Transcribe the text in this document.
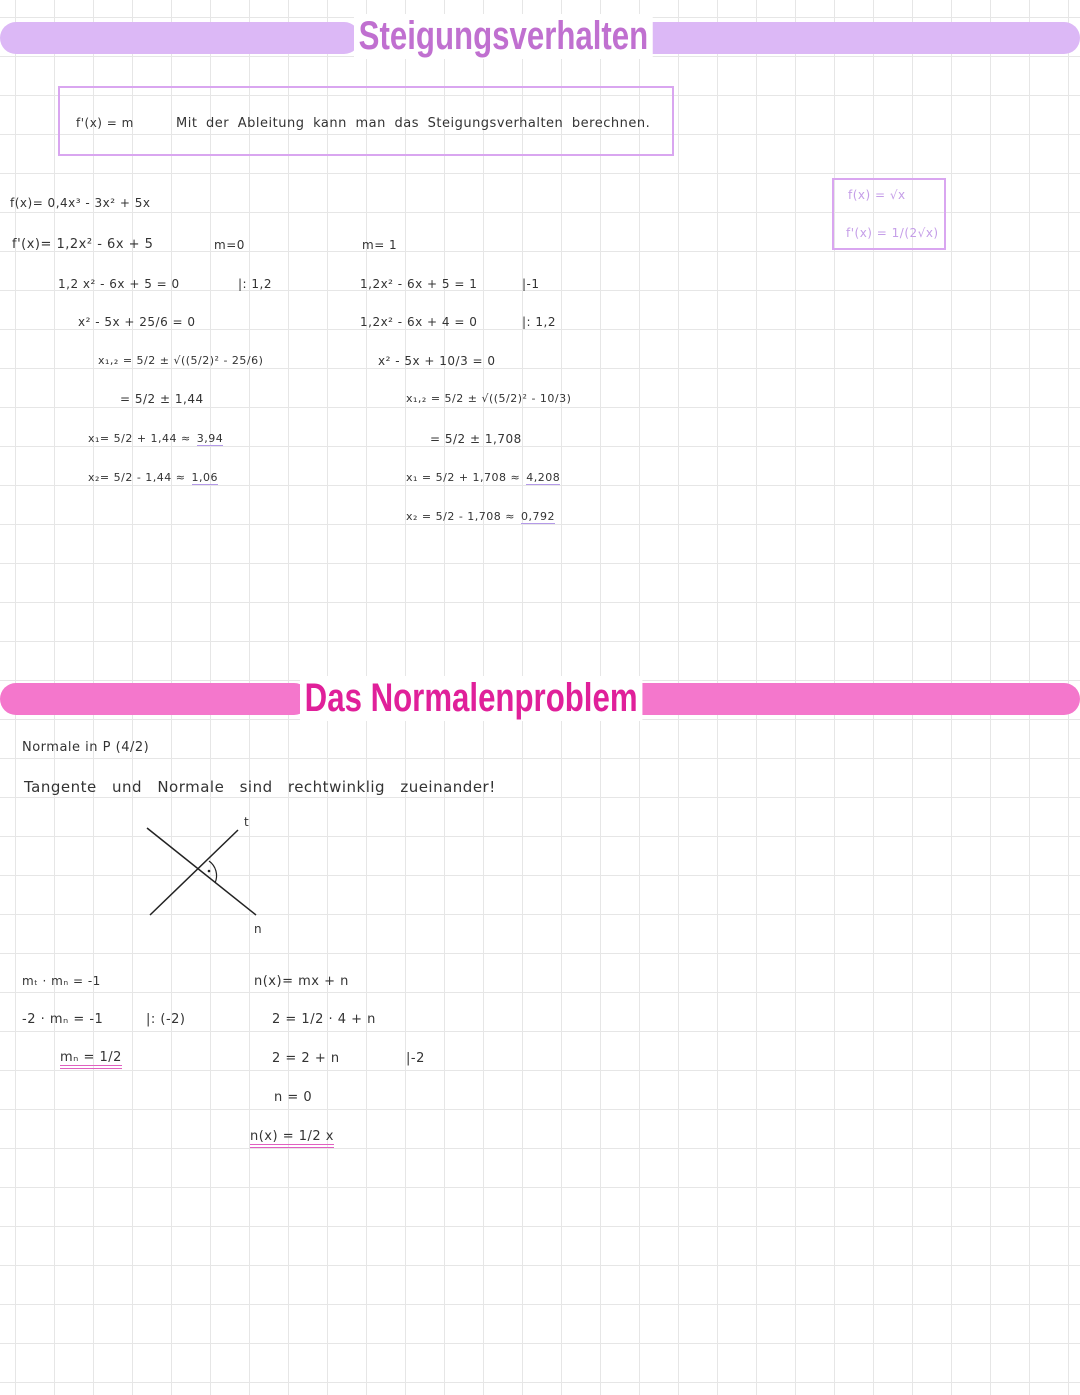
Steigungsverhalten
f'(x) = m	Mit der Ableitung kann man das Steigungsverhalten berechnen.
f(x) = √x
f'(x) = 1/(2√x)
f(x)= 0,4x³ - 3x² + 5x
f'(x)= 1,2x² - 6x + 5	m=0
1,2 x² - 6x + 5 = 0	|: 1,2
x² - 5x + 25/6 = 0
x₁,₂ = 5/2 ± √((5/2)² - 25/6)
= 5/2 ± 1,44
x₁= 5/2 + 1,44 ≈ 3,94
x₂= 5/2 - 1,44 ≈ 1,06
m= 1
1,2x² - 6x + 5 = 1	|-1
1,2x² - 6x + 4 = 0	|: 1,2
x² - 5x + 10/3 = 0
x₁,₂ = 5/2 ± √((5/2)² - 10/3)
= 5/2 ± 1,708
x₁ = 5/2 + 1,708 ≈ 4,208
x₂ = 5/2 - 1,708 ≈ 0,792
Das Normalenproblem
Normale in P (4/2)
Tangente und Normale sind rechtwinklig zueinander!
t
n
mₜ · mₙ = -1
-2 · mₙ = -1	|: (-2)
mₙ = 1/2
n(x)= mx + n
2 = 1/2 · 4 + n
2 = 2 + n	|-2
n = 0
n(x) = 1/2 x
